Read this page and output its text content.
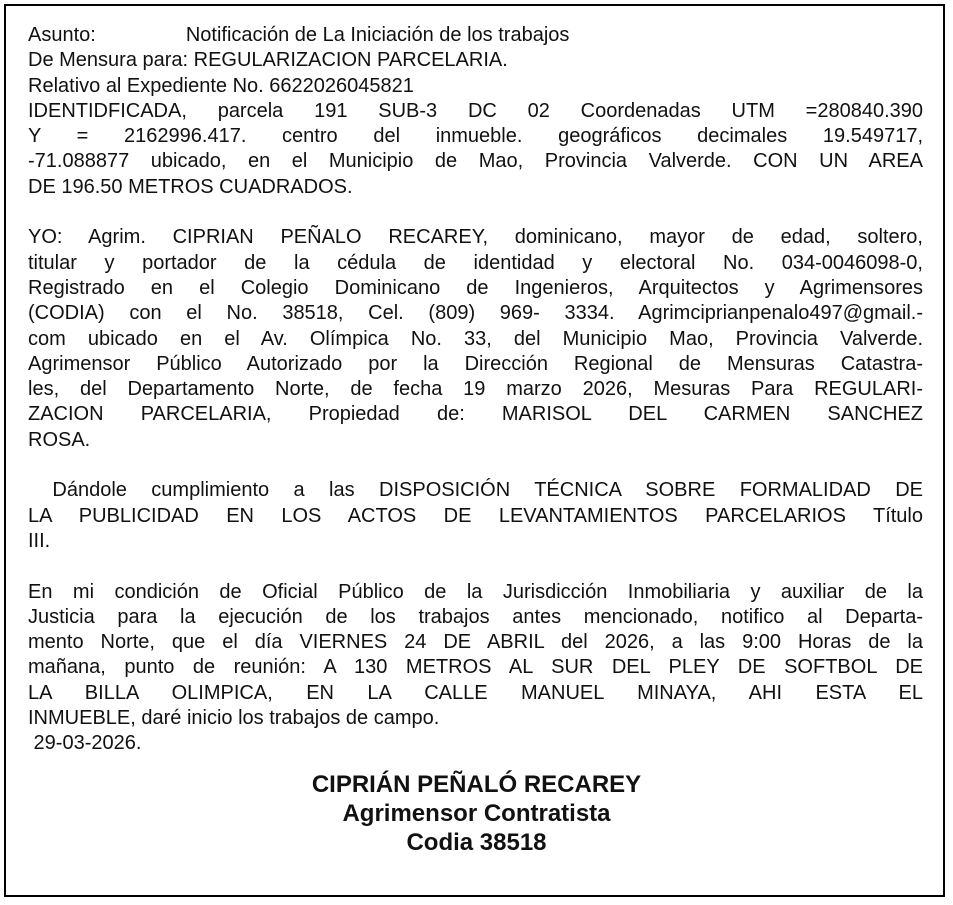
Asunto:	Notificación de La Iniciación de los trabajos
De Mensura para: REGULARIZACION PARCELARIA.
Relativo al Expediente No. 6622026045821
IDENTIDFICADA, parcela 191 SUB-3 DC 02 Coordenadas UTM =280840.390
Y = 2162996.417. centro del inmueble. geográficos decimales 19.549717,
-71.088877 ubicado, en el Municipio de Mao, Provincia Valverde. CON UN AREA
DE 196.50 METROS CUADRADOS.
YO: Agrim. CIPRIAN PEÑALO RECAREY, dominicano, mayor de edad, soltero,
titular y portador de la cédula de identidad y electoral No. 034-0046098-0,
Registrado en el Colegio Dominicano de Ingenieros, Arquitectos y Agrimensores
(CODIA) con el No. 38518, Cel. (809) 969- 3334. Agrimciprianpenalo497@gmail.-
com ubicado en el Av. Olímpica No. 33, del Municipio Mao, Provincia Valverde.
Agrimensor Público Autorizado por la Dirección Regional de Mensuras Catastra-
les, del Departamento Norte, de fecha 19 marzo 2026, Mesuras Para REGULARI-
ZACION PARCELARIA, Propiedad de: MARISOL DEL CARMEN SANCHEZ
ROSA.
Dándole cumplimiento a las DISPOSICIÓN TÉCNICA SOBRE FORMALIDAD DE
LA PUBLICIDAD EN LOS ACTOS DE LEVANTAMIENTOS PARCELARIOS Título
III.
En mi condición de Oficial Público de la Jurisdicción Inmobiliaria y auxiliar de la
Justicia para la ejecución de los trabajos antes mencionado, notifico al Departa-
mento Norte, que el día VIERNES 24 DE ABRIL del 2026, a las 9:00 Horas de la
mañana, punto de reunión: A 130 METROS AL SUR DEL PLEY DE SOFTBOL DE
LA BILLA OLIMPICA, EN LA CALLE MANUEL MINAYA, AHI ESTA EL
INMUEBLE, daré inicio los trabajos de campo.
29-03-2026.
CIPRIÁN PEÑALÓ RECAREY
Agrimensor Contratista
Codia 38518
